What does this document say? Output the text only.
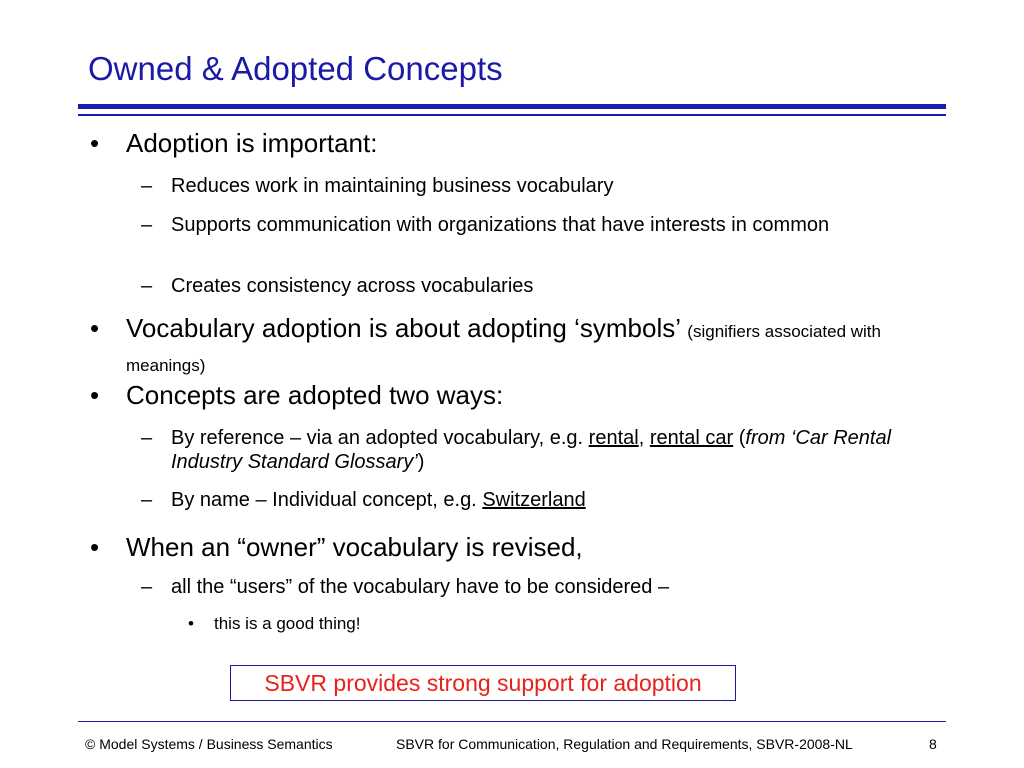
Owned & Adopted Concepts
• Adoption is important:
– Reduces work in maintaining business vocabulary
– Supports communication with organizations that have interests in common
– Creates consistency across vocabularies
• Vocabulary adoption is about adopting ‘symbols’ (signifiers associated with meanings)
• Concepts are adopted two ways:
– By reference – via an adopted vocabulary, e.g. rental, rental car (from ‘Car Rental Industry Standard Glossary’)
– By name – Individual concept, e.g. Switzerland
• When an “owner” vocabulary is revised,
– all the “users” of the vocabulary have to be considered –
• this is a good thing!
SBVR provides strong support for adoption
© Model Systems / Business Semantics	SBVR for Communication, Regulation and Requirements, SBVR-2008-NL	8
